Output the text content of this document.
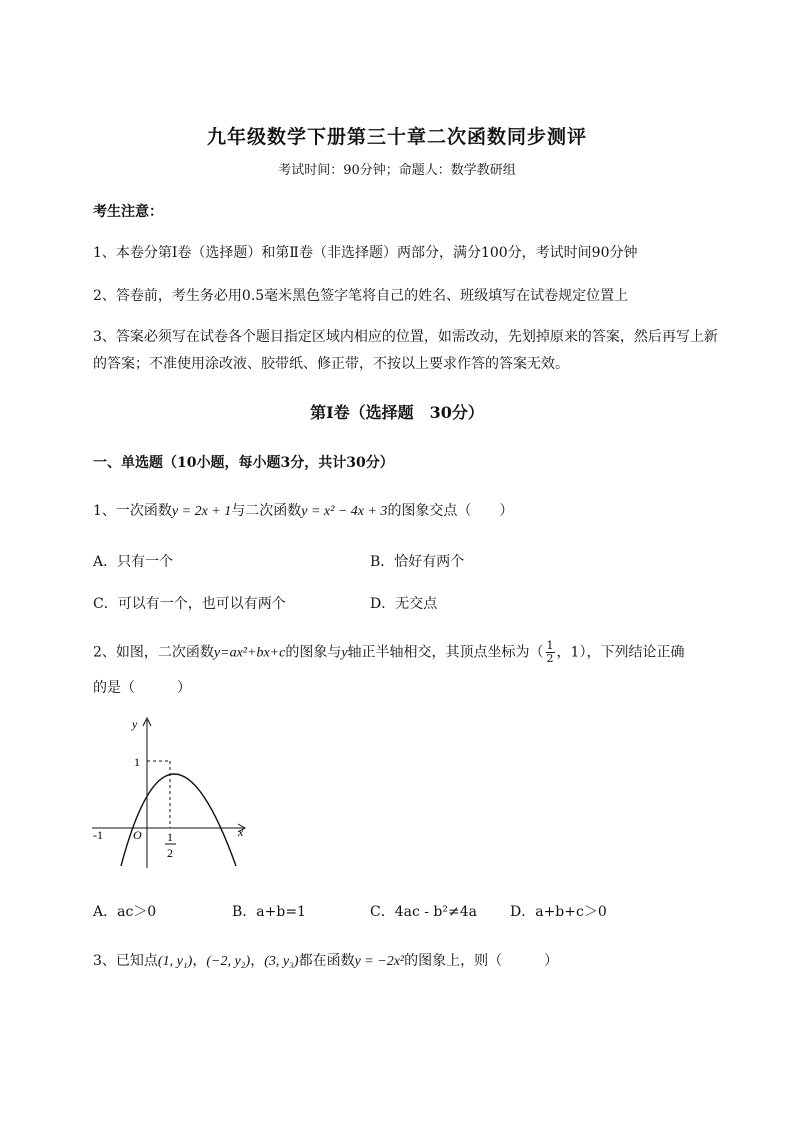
九年级数学下册第三十章二次函数同步测评
考试时间：90分钟；命题人：数学教研组
考生注意：
1、本卷分第I卷（选择题）和第Ⅱ卷（非选择题）两部分，满分100分，考试时间90分钟
2、答卷前，考生务必用0.5毫米黑色签字笔将自己的姓名、班级填写在试卷规定位置上
3、答案必须写在试卷各个题目指定区域内相应的位置，如需改动，先划掉原来的答案，然后再写上新
的答案；不准使用涂改液、胶带纸、修正带，不按以上要求作答的答案无效。
第I卷（选择题　30分）
一、单选题（10小题，每小题3分，共计30分）
1、一次函数y = 2x + 1与二次函数y = x² − 4x + 3的图象交点（　　）
A．只有一个	B．恰好有两个
C．可以有一个，也可以有两个	D．无交点
2、如图，二次函数y=ax²+bx+c的图象与y轴正半轴相交，其顶点坐标为（ $\frac{1}{2}$ ，1），下列结论正确
的是（　　　）
y
x
1
-1	O 1
2
A．ac＞0	B．a+b=1	C．4ac - b²≠4a D．a+b+c＞0
3、已知点(1, y₁)，(−2, y₂)，(3, y₃)都在函数y = −2x²的图象上，则（　　　）
